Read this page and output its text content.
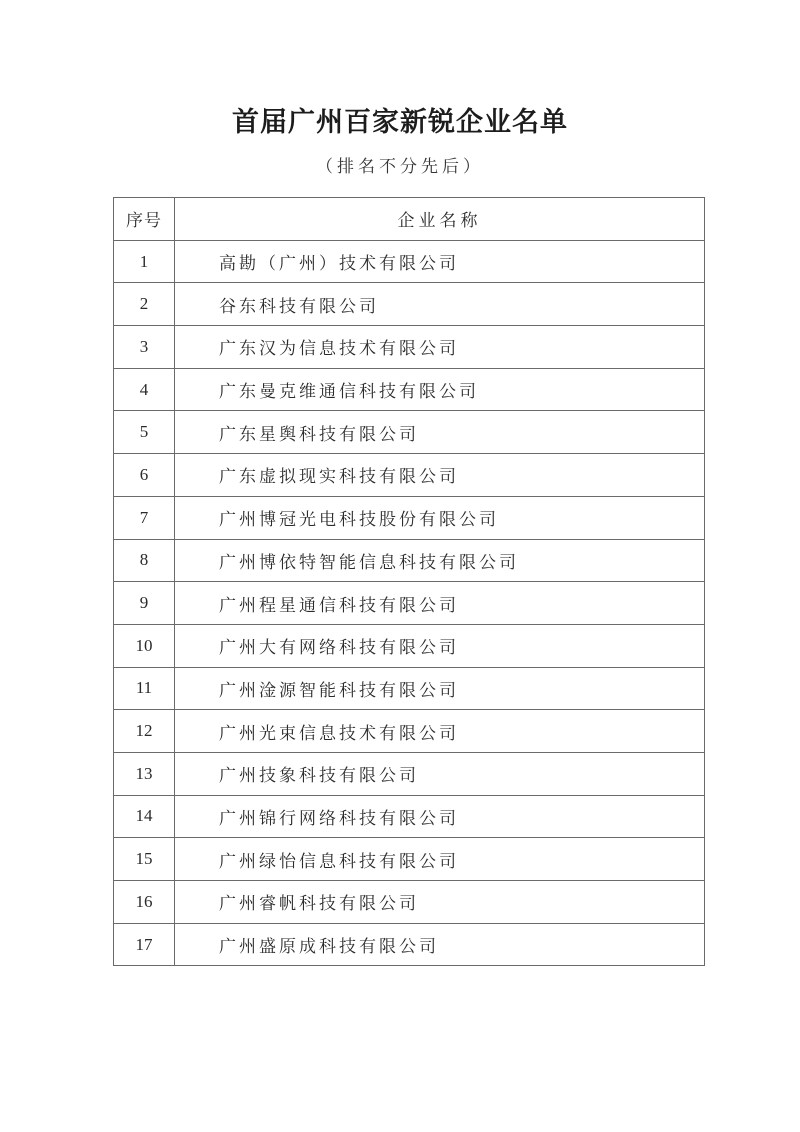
首届广州百家新锐企业名单
（排名不分先后）
序号	企业名称
1	高勘（广州）技术有限公司
2	谷东科技有限公司
3	广东汉为信息技术有限公司
4	广东曼克维通信科技有限公司
5	广东星舆科技有限公司
6	广东虚拟现实科技有限公司
7	广州博冠光电科技股份有限公司
8	广州博依特智能信息科技有限公司
9	广州程星通信科技有限公司
10	广州大有网络科技有限公司
11	广州淦源智能科技有限公司
12	广州光束信息技术有限公司
13	广州技象科技有限公司
14	广州锦行网络科技有限公司
15	广州绿怡信息科技有限公司
16	广州睿帆科技有限公司
17	广州盛原成科技有限公司
